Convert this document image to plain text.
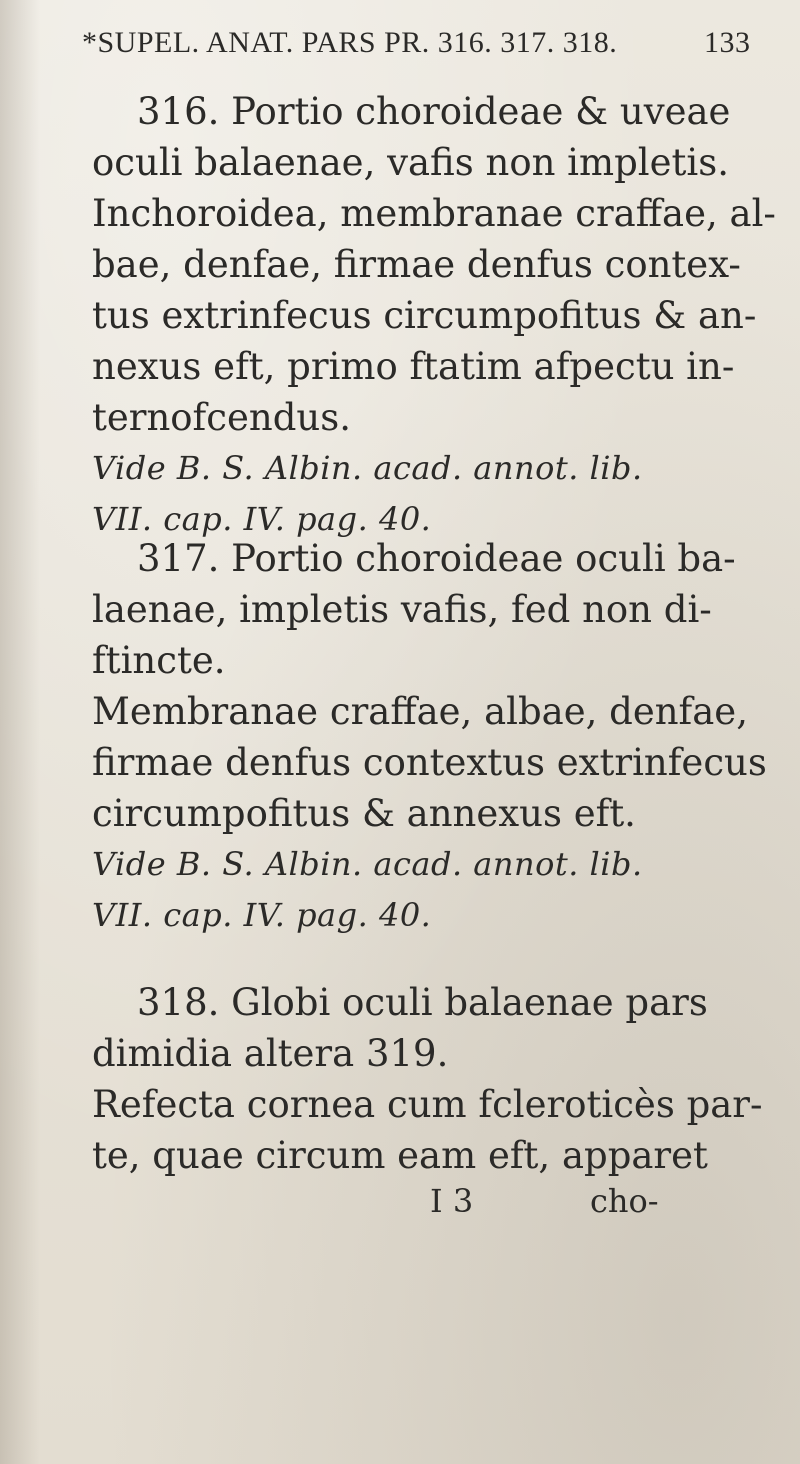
*SUPEL. ANAT. PARS PR. 316. 317. 318.	133
316. Portio choroideae & uveae
oculi balaenae, vafis non impletis.
Inchoroidea, membranae craffae, al-
bae, denfae, firmae denfus contex-
tus extrinfecus circumpofitus & an-
nexus eft, primo ftatim afpectu in-
ternofcendus.
Vide B. S. Albin. acad. annot. lib.
VII. cap. IV. pag. 40.
317. Portio choroideae oculi ba-
laenae, impletis vafis, fed non di-
ftincte.
Membranae craffae, albae, denfae,
firmae denfus contextus extrinfecus
circumpofitus & annexus eft.
Vide B. S. Albin. acad. annot. lib.
VII. cap. IV. pag. 40.
318. Globi oculi balaenae pars
dimidia altera 319.
Refecta cornea cum fcleroticès par-
te, quae circum eam eft, apparet
I 3	cho-
